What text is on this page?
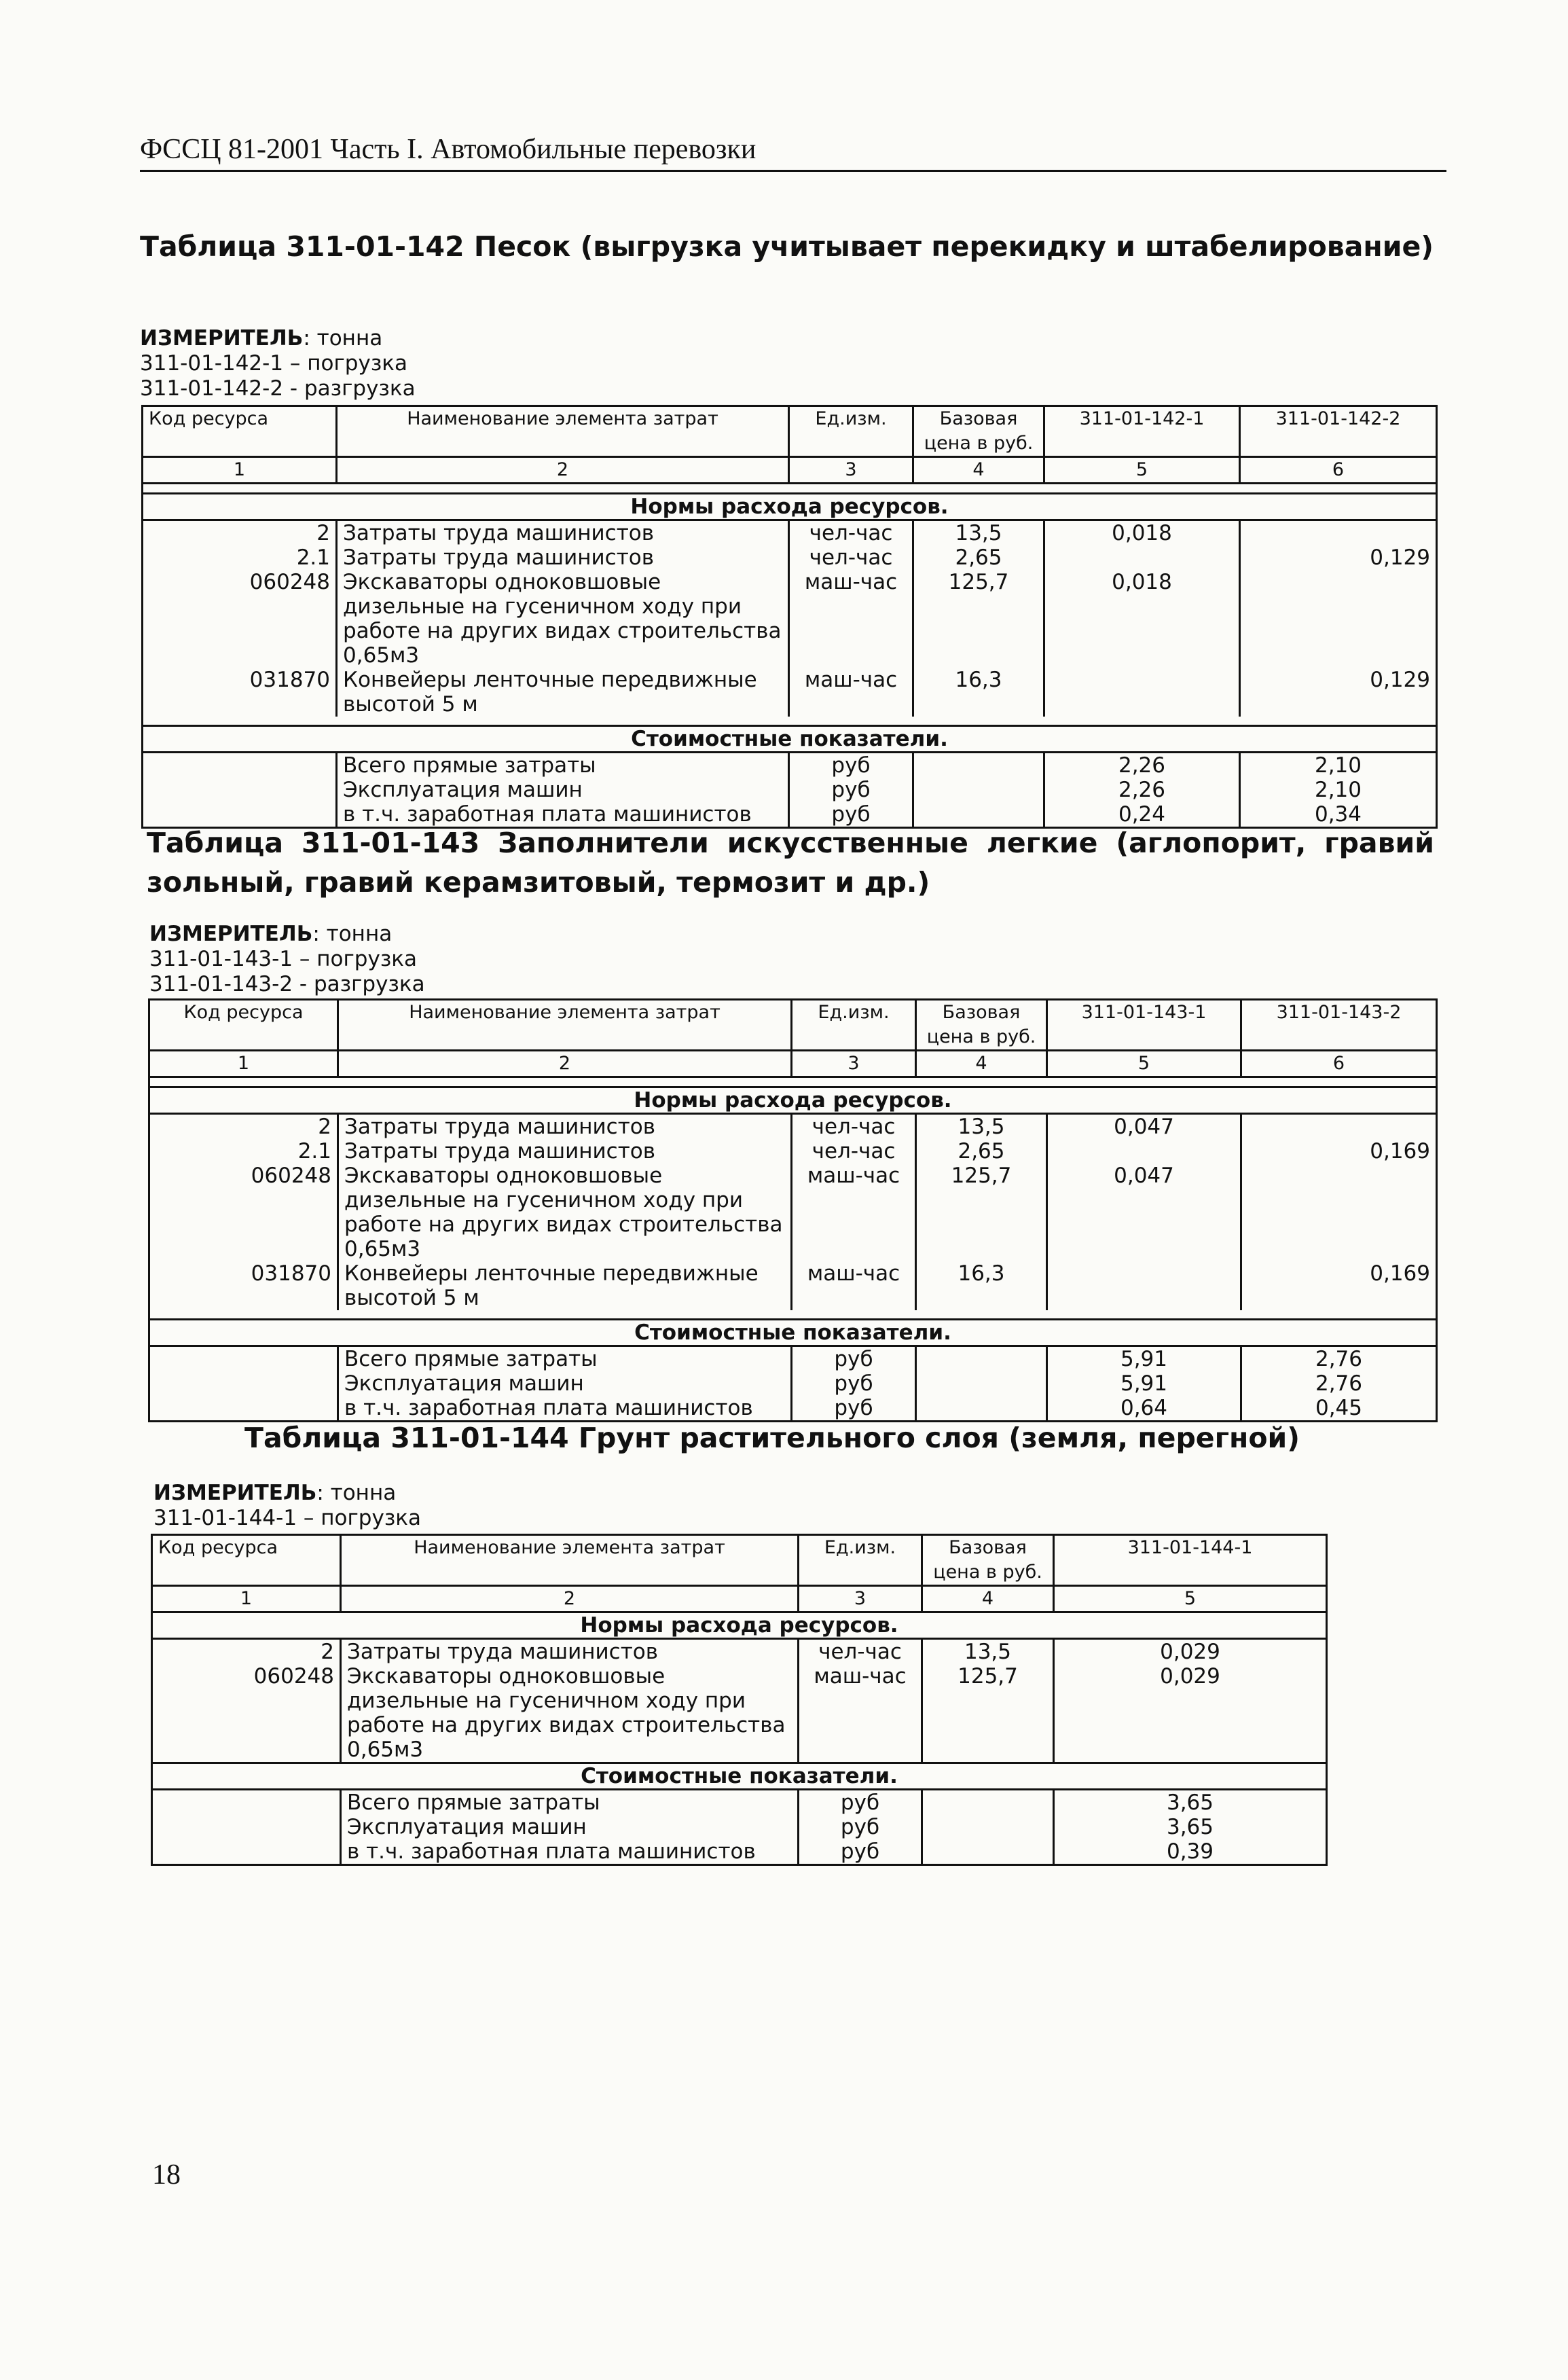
ФССЦ 81-2001 Часть I. Автомобильные перевозки
Таблица 311-01-142 Песок (выгрузка учитывает перекидку и штабелирование)
ИЗМЕРИТЕЛЬ: тонна
311-01-142-1 – погрузка
311-01-142-2 - разгрузка
Код ресурса	Наименование элемента затрат	Ед.изм.	Базовая цена в руб.	311-01-142-1	311-01-142-2
1	2	3	4	5	6

Нормы расхода ресурсов.					
2	Затраты труда машинистов	чел-час	13,5	0,018	
2.1	Затраты труда машинистов	чел-час	2,65		0,129
060248	Экскаваторы одноковшовые дизельные на гусеничном ходу при работе на других видах строительства 0,65м3	маш-час	125,7	0,018	
031870	Конвейеры ленточные передвижные высотой 5 м	маш-час	16,3		0,129

Стоимостные показатели.					
	Всего прямые затраты	руб		2,26	2,10
	Эксплуатация машин	руб		2,26	2,10
	в т.ч. заработная плата машинистов	руб		0,24	0,34
Таблица 311-01-143 Заполнители искусственные легкие (аглопорит, гравий зольный, гравий керамзитовый, термозит и др.)
ИЗМЕРИТЕЛЬ: тонна
311-01-143-1 – погрузка
311-01-143-2 - разгрузка
Код ресурса	Наименование элемента затрат	Ед.изм.	Базовая цена в руб.	311-01-143-1	311-01-143-2
1	2	3	4	5	6

Нормы расхода ресурсов.					
2	Затраты труда машинистов	чел-час	13,5	0,047	
2.1	Затраты труда машинистов	чел-час	2,65		0,169
060248	Экскаваторы одноковшовые дизельные на гусеничном ходу при работе на других видах строительства 0,65м3	маш-час	125,7	0,047	
031870	Конвейеры ленточные передвижные высотой 5 м	маш-час	16,3		0,169

Стоимостные показатели.					
	Всего прямые затраты	руб		5,91	2,76
	Эксплуатация машин	руб		5,91	2,76
	в т.ч. заработная плата машинистов	руб		0,64	0,45
Таблица 311-01-144 Грунт растительного слоя (земля, перегной)
ИЗМЕРИТЕЛЬ: тонна
311-01-144-1 – погрузка
Код ресурса	Наименование элемента затрат	Ед.изм.	Базовая цена в руб.	311-01-144-1
1	2	3	4	5
Нормы расхода ресурсов.				
2	Затраты труда машинистов	чел-час	13,5	0,029
060248	Экскаваторы одноковшовые дизельные на гусеничном ходу при работе на других видах строительства 0,65м3	маш-час	125,7	0,029
Стоимостные показатели.				
	Всего прямые затраты	руб		3,65
	Эксплуатация машин	руб		3,65
	в т.ч. заработная плата машинистов	руб		0,39
18
